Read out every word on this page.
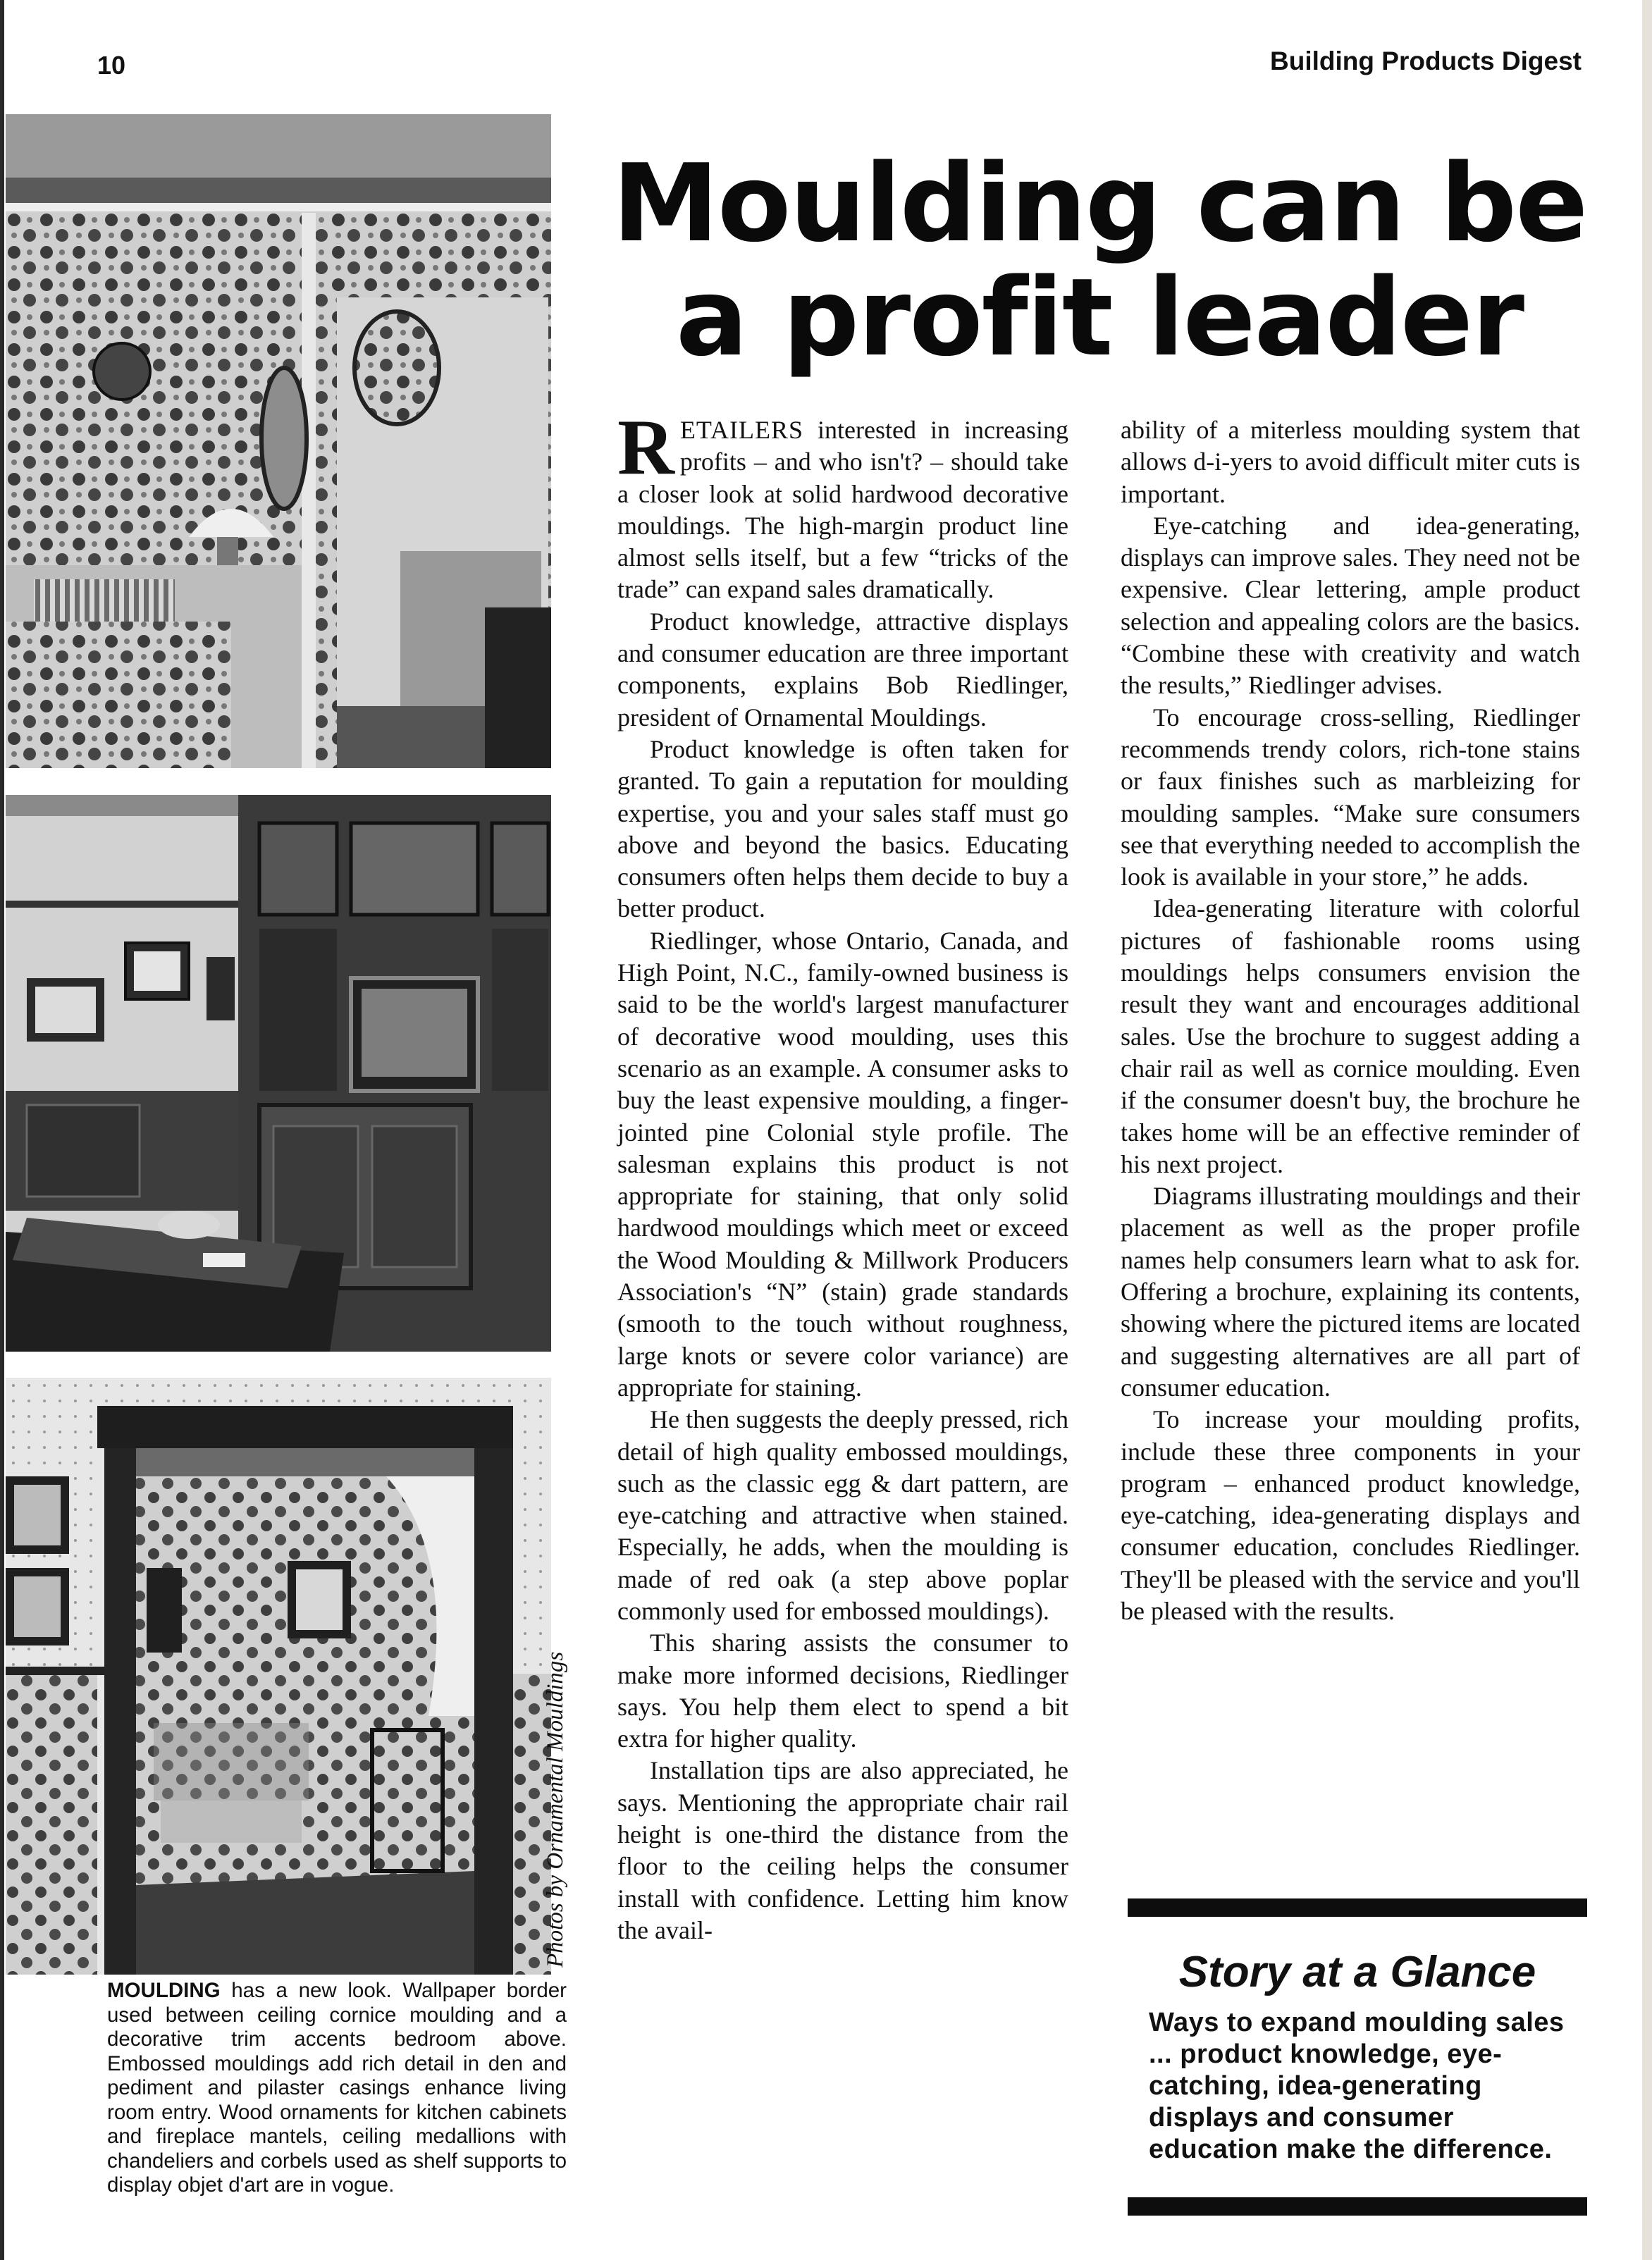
10	Building Products Digest
Photos by Ornamental Mouldings
MOULDING has a new look. Wallpaper border used between ceiling cornice moulding and a decorative trim accents bedroom above. Embossed mouldings add rich detail in den and pediment and pilaster casings enhance living room entry. Wood ornaments for kitchen cabinets and fireplace mantels, ceiling medallions with chandeliers and corbels used as shelf supports to display objet d'art are in vogue.
Moulding can be
a profit leader

RETAILERS interested in increasing profits – and who isn't? – should take a closer look at solid hardwood decorative mouldings. The high-margin product line almost sells itself, but a few “tricks of the trade” can expand sales dramatically.

Product knowledge, attractive displays and consumer education are three important components, explains Bob Riedlinger, president of Ornamental Mouldings.

Product knowledge is often taken for granted. To gain a reputation for moulding expertise, you and your sales staff must go above and beyond the basics. Educating consumers often helps them decide to buy a better product.

Riedlinger, whose Ontario, Canada, and High Point, N.C., family-owned business is said to be the world's largest manufacturer of decorative wood moulding, uses this scenario as an example. A consumer asks to buy the least expensive moulding, a finger-jointed pine Colonial style profile. The salesman explains this product is not appropriate for staining, that only solid hardwood mouldings which meet or exceed the Wood Moulding & Millwork Producers Association's “N” (stain) grade standards (smooth to the touch without roughness, large knots or severe color variance) are appropriate for staining.

He then suggests the deeply pressed, rich detail of high quality embossed mouldings, such as the classic egg & dart pattern, are eye-catching and attractive when stained. Especially, he adds, when the moulding is made of red oak (a step above poplar commonly used for embossed mouldings).

This sharing assists the consumer to make more informed decisions, Riedlinger says. You help them elect to spend a bit extra for higher quality.

Installation tips are also appreciated, he says. Mentioning the appropriate chair rail height is one-third the distance from the floor to the ceiling helps the consumer install with confidence. Letting him know the avail-

ability of a miterless moulding system that allows d-i-yers to avoid difficult miter cuts is important.

Eye-catching and idea-generating, displays can improve sales. They need not be expensive. Clear lettering, ample product selection and appealing colors are the basics. “Combine these with creativity and watch the results,” Riedlinger advises.

To encourage cross-selling, Riedlinger recommends trendy colors, rich-tone stains or faux finishes such as marbleizing for moulding samples. “Make sure consumers see that everything needed to accomplish the look is available in your store,” he adds.

Idea-generating literature with colorful pictures of fashionable rooms using mouldings helps consumers envision the result they want and encourages additional sales. Use the brochure to suggest adding a chair rail as well as cornice moulding. Even if the consumer doesn't buy, the brochure he takes home will be an effective reminder of his next project.

Diagrams illustrating mouldings and their placement as well as the proper profile names help consumers learn what to ask for. Offering a brochure, explaining its contents, showing where the pictured items are located and suggesting alternatives are all part of consumer education.

To increase your moulding profits, include these three components in your program – enhanced product knowledge, eye-catching, idea-generating displays and consumer education, concludes Riedlinger. They'll be pleased with the service and you'll be pleased with the results.

Story at a Glance
Ways to expand moulding sales ... product knowledge, eye-catching, idea-generating displays and consumer education make the difference.
